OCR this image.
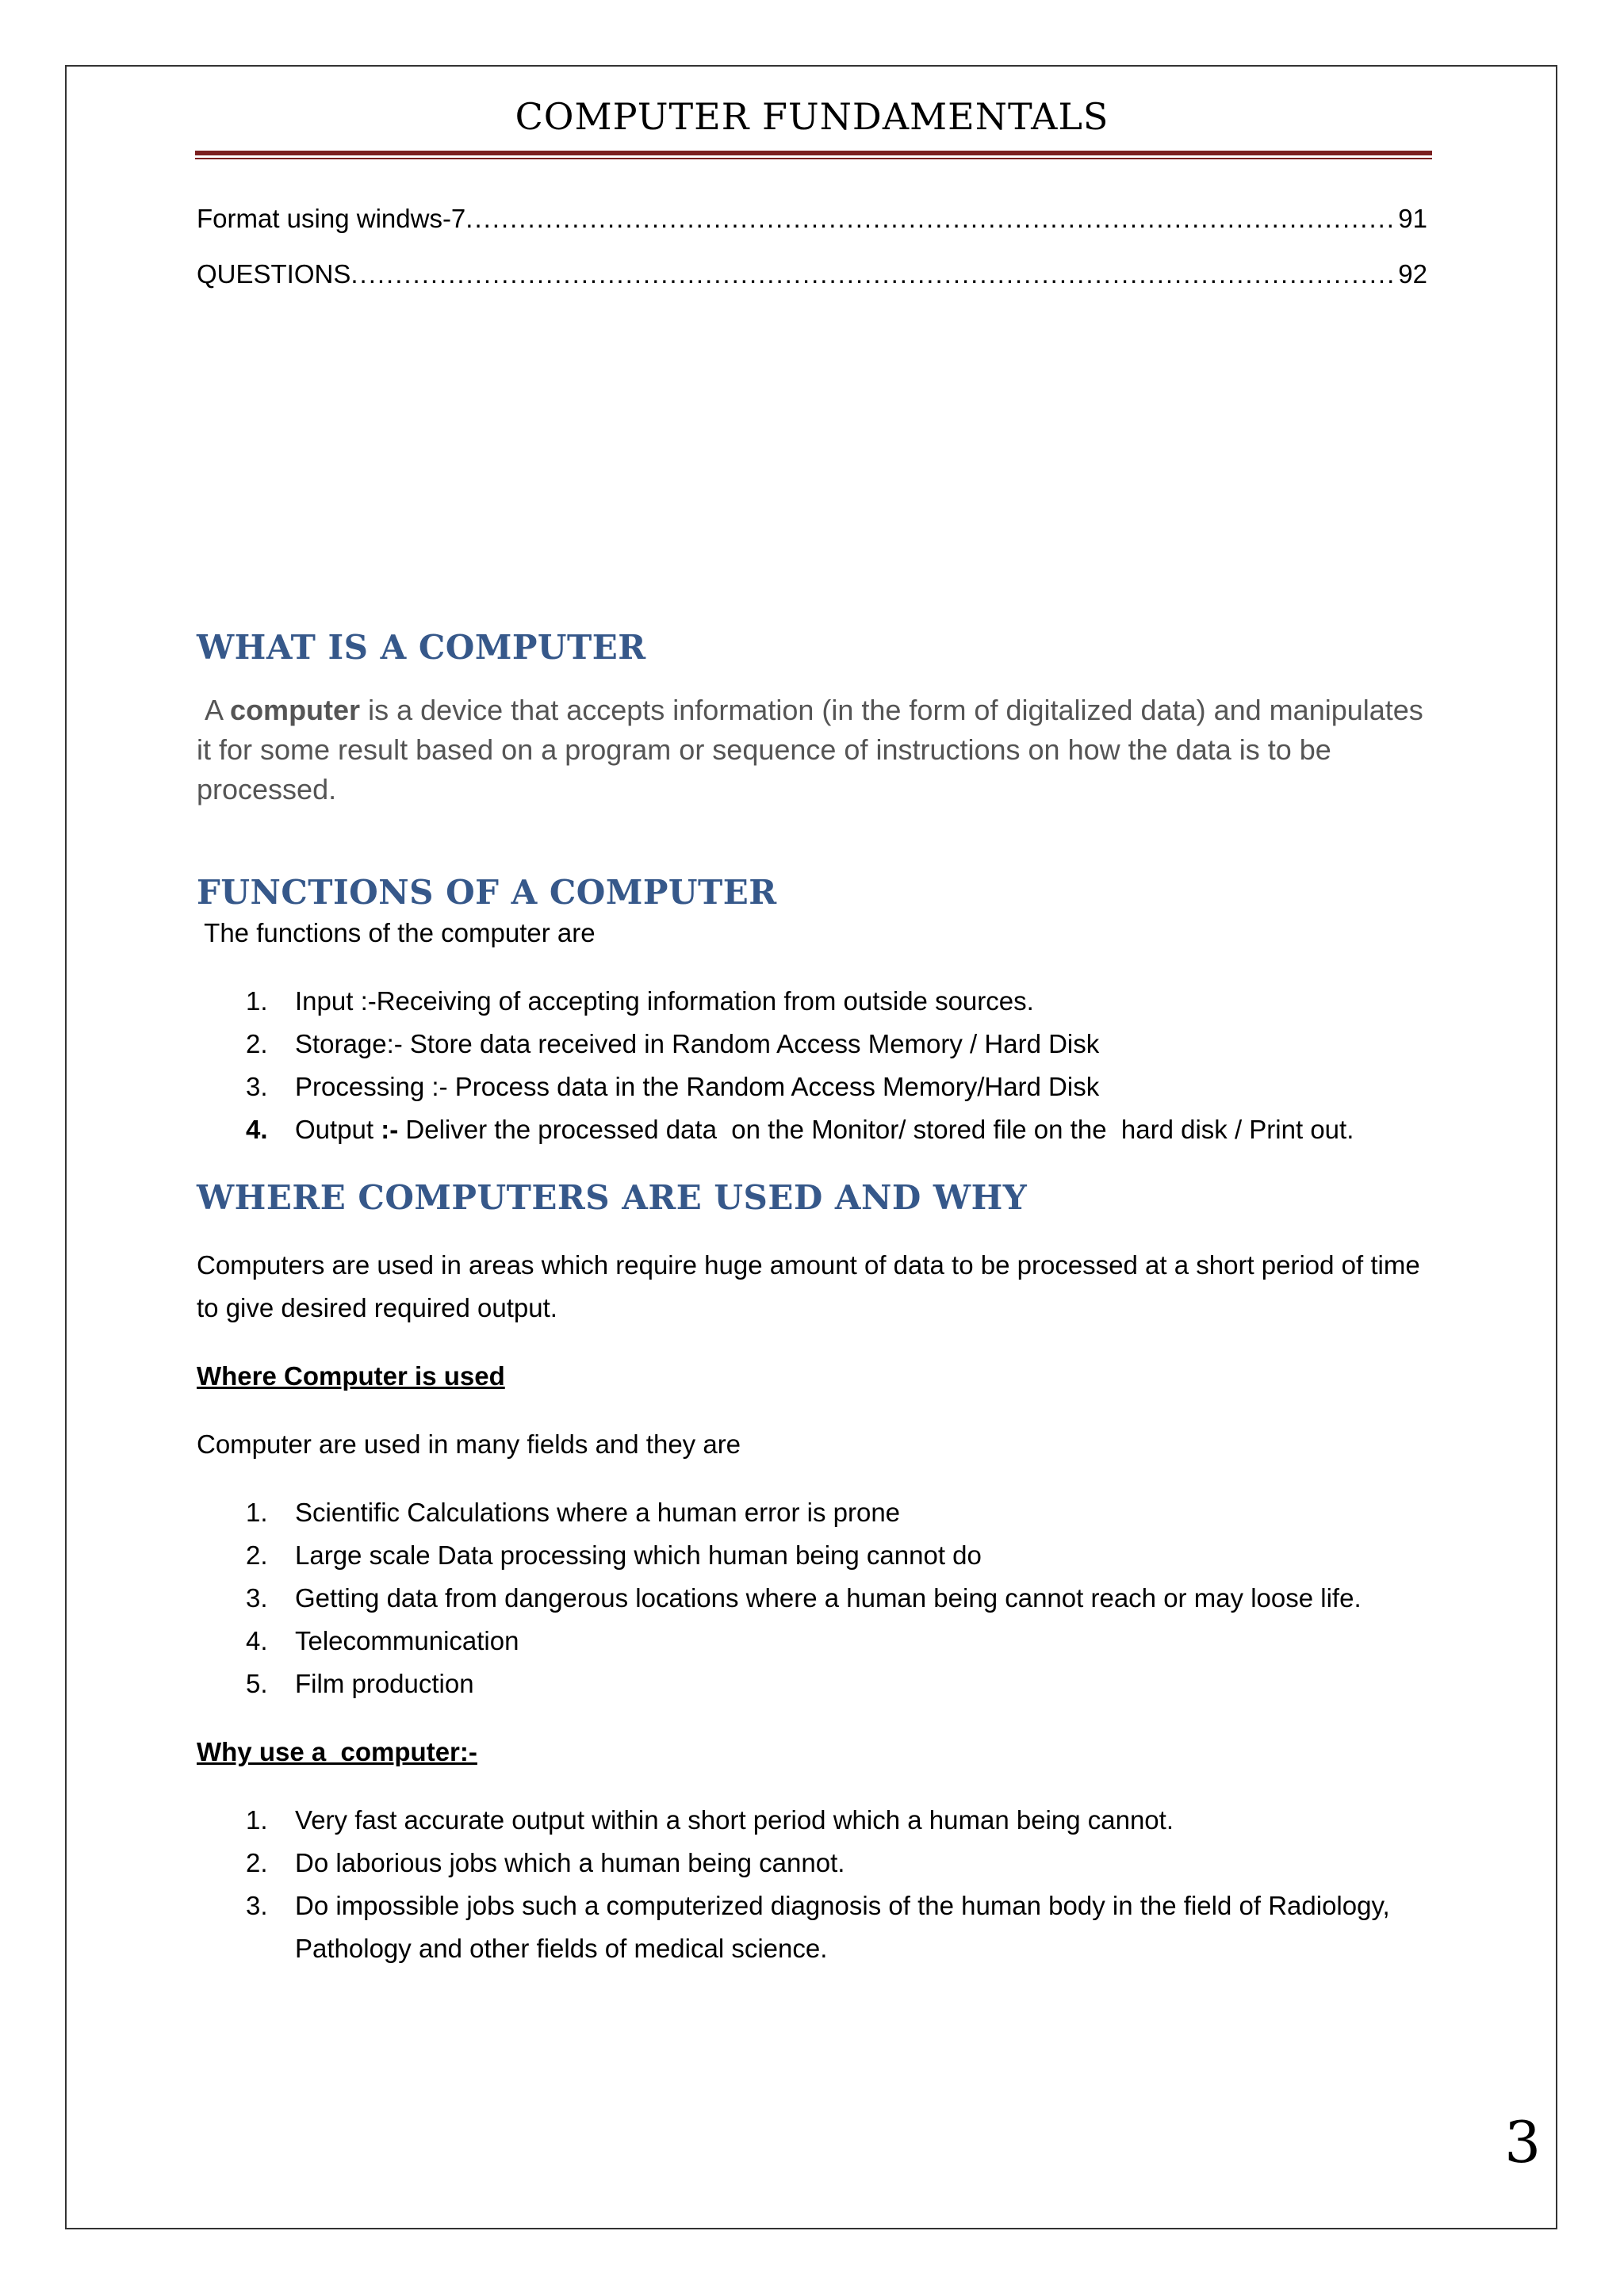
COMPUTER FUNDAMENTALS
Format using windws-7 .....	91
QUESTIONS .....	92
WHAT IS A COMPUTER

A computer is a device that accepts information (in the form of digitalized data) and manipulates it for some result based on a program or sequence of instructions on how the data is to be processed.

FUNCTIONS OF A COMPUTER

The functions of the computer are

1. Input :-Receiving of accepting information from outside sources.
2. Storage:- Store data received in Random Access Memory / Hard Disk
3. Processing :- Process data in the Random Access Memory/Hard Disk
4. Output :- Deliver the processed data  on the Monitor/ stored file on the  hard disk / Print out.
WHERE COMPUTERS ARE USED AND WHY

Computers are used in areas which require huge amount of data to be processed at a short period of time to give desired required output.

Where Computer is used

Computer are used in many fields and they are

1. Scientific Calculations where a human error is prone
2. Large scale Data processing which human being cannot do
3. Getting data from dangerous locations where a human being cannot reach or may loose life.
4. Telecommunication
5. Film production

Why use a  computer:-

1. Very fast accurate output within a short period which a human being cannot.
2. Do laborious jobs which a human being cannot.
3. Do impossible jobs such a computerized diagnosis of the human body in the field of Radiology, Pathology and other fields of medical science.
3
